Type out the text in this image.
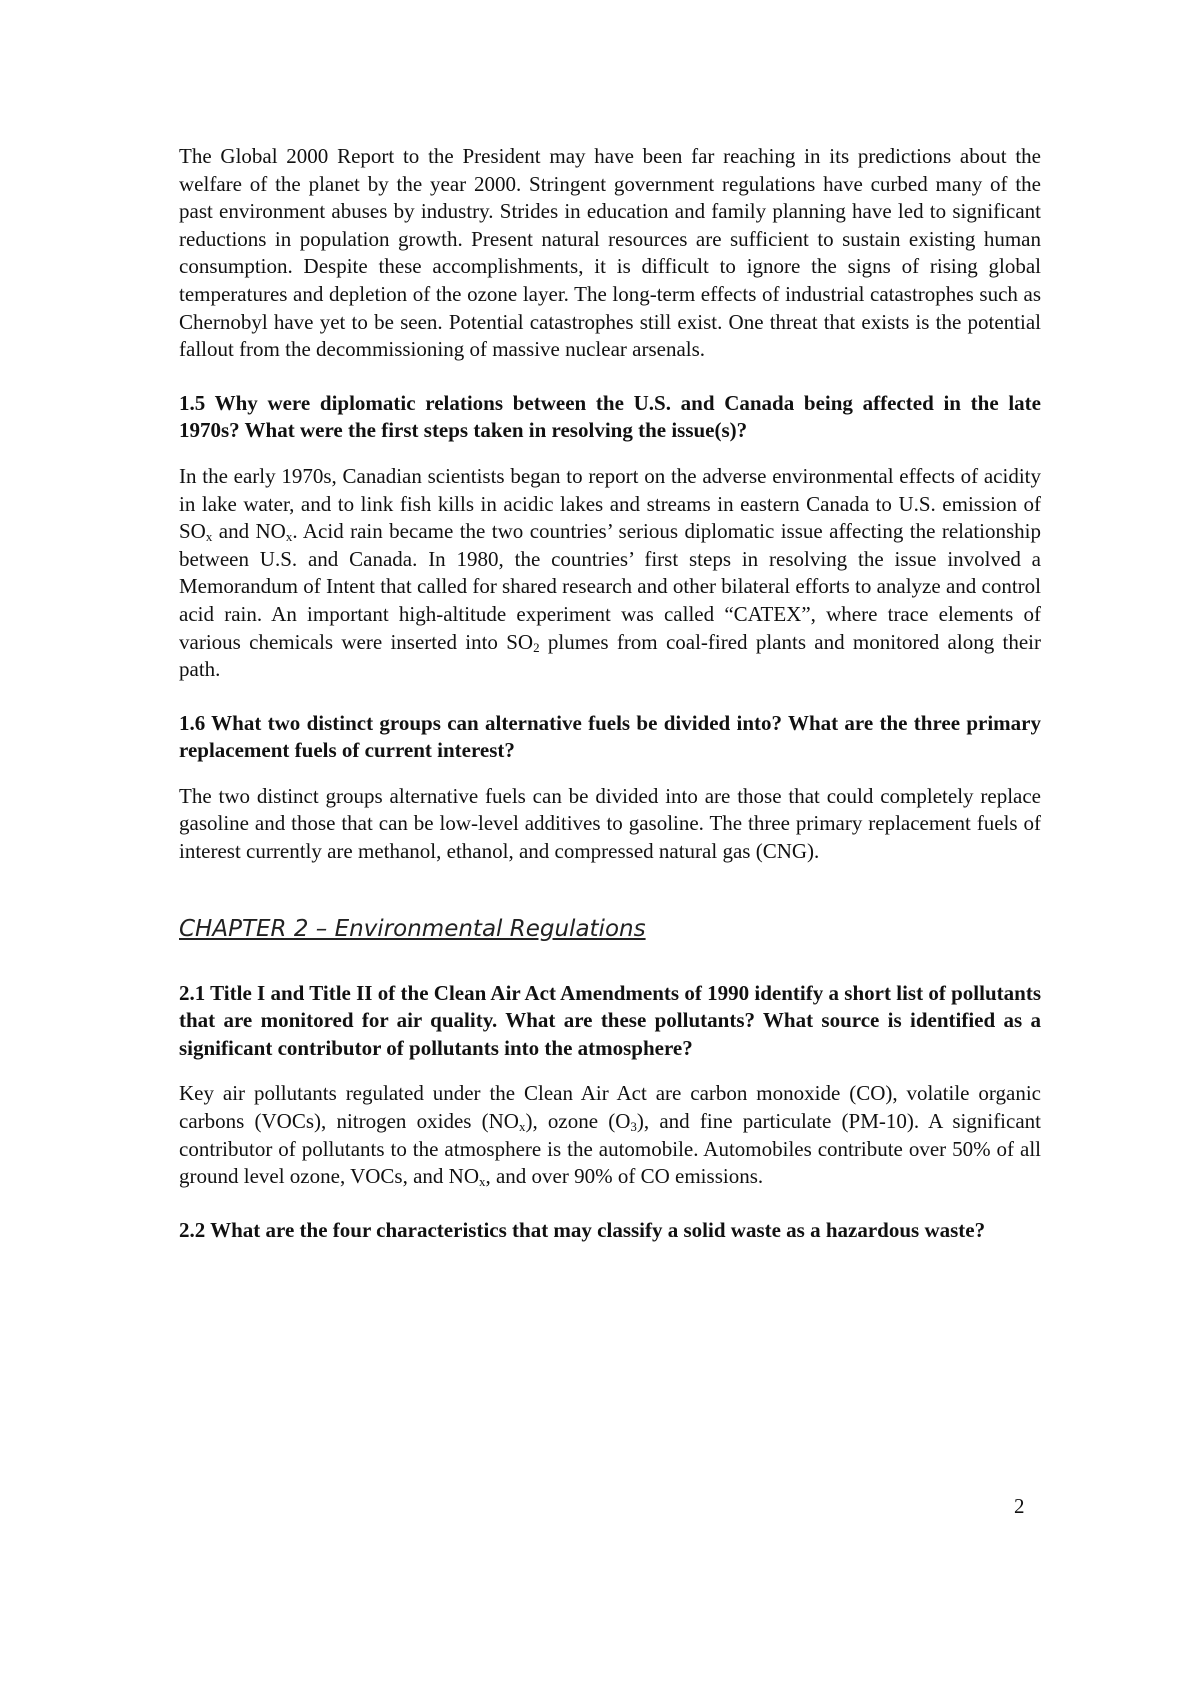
The Global 2000 Report to the President may have been far reaching in its predictions about the welfare of the planet by the year 2000. Stringent government regulations have curbed many of the past environment abuses by industry. Strides in education and family planning have led to significant reductions in population growth. Present natural resources are sufficient to sustain existing human consumption. Despite these accomplishments, it is difficult to ignore the signs of rising global temperatures and depletion of the ozone layer. The long-term effects of industrial catastrophes such as Chernobyl have yet to be seen. Potential catastrophes still exist. One threat that exists is the potential fallout from the decommissioning of massive nuclear arsenals.

1.5 Why were diplomatic relations between the U.S. and Canada being affected in the late 1970s? What were the first steps taken in resolving the issue(s)?

In the early 1970s, Canadian scientists began to report on the adverse environmental effects of acidity in lake water, and to link fish kills in acidic lakes and streams in eastern Canada to U.S. emission of $SO_x$ and $NO_x$. Acid rain became the two countries’ serious diplomatic issue affecting the relationship between U.S. and Canada. In 1980, the countries’ first steps in resolving the issue involved a Memorandum of Intent that called for shared research and other bilateral efforts to analyze and control acid rain. An important high-altitude experiment was called “CATEX”, where trace elements of various chemicals were inserted into $SO_2$ plumes from coal-fired plants and monitored along their path.

1.6 What two distinct groups can alternative fuels be divided into? What are the three primary replacement fuels of current interest?

The two distinct groups alternative fuels can be divided into are those that could completely replace gasoline and those that can be low-level additives to gasoline. The three primary replacement fuels of interest currently are methanol, ethanol, and compressed natural gas (CNG).

CHAPTER 2 – Environmental Regulations

2.1 Title I and Title II of the Clean Air Act Amendments of 1990 identify a short list of pollutants that are monitored for air quality. What are these pollutants? What source is identified as a significant contributor of pollutants into the atmosphere?

Key air pollutants regulated under the Clean Air Act are carbon monoxide (CO), volatile organic carbons (VOCs), nitrogen oxides $(NO_x)$, ozone $(O_3)$, and fine particulate (PM-10). A significant contributor of pollutants to the atmosphere is the automobile. Automobiles contribute over 50% of all ground level ozone, VOCs, and $NO_x$, and over 90% of CO emissions.

2.2 What are the four characteristics that may classify a solid waste as a hazardous waste?

2
